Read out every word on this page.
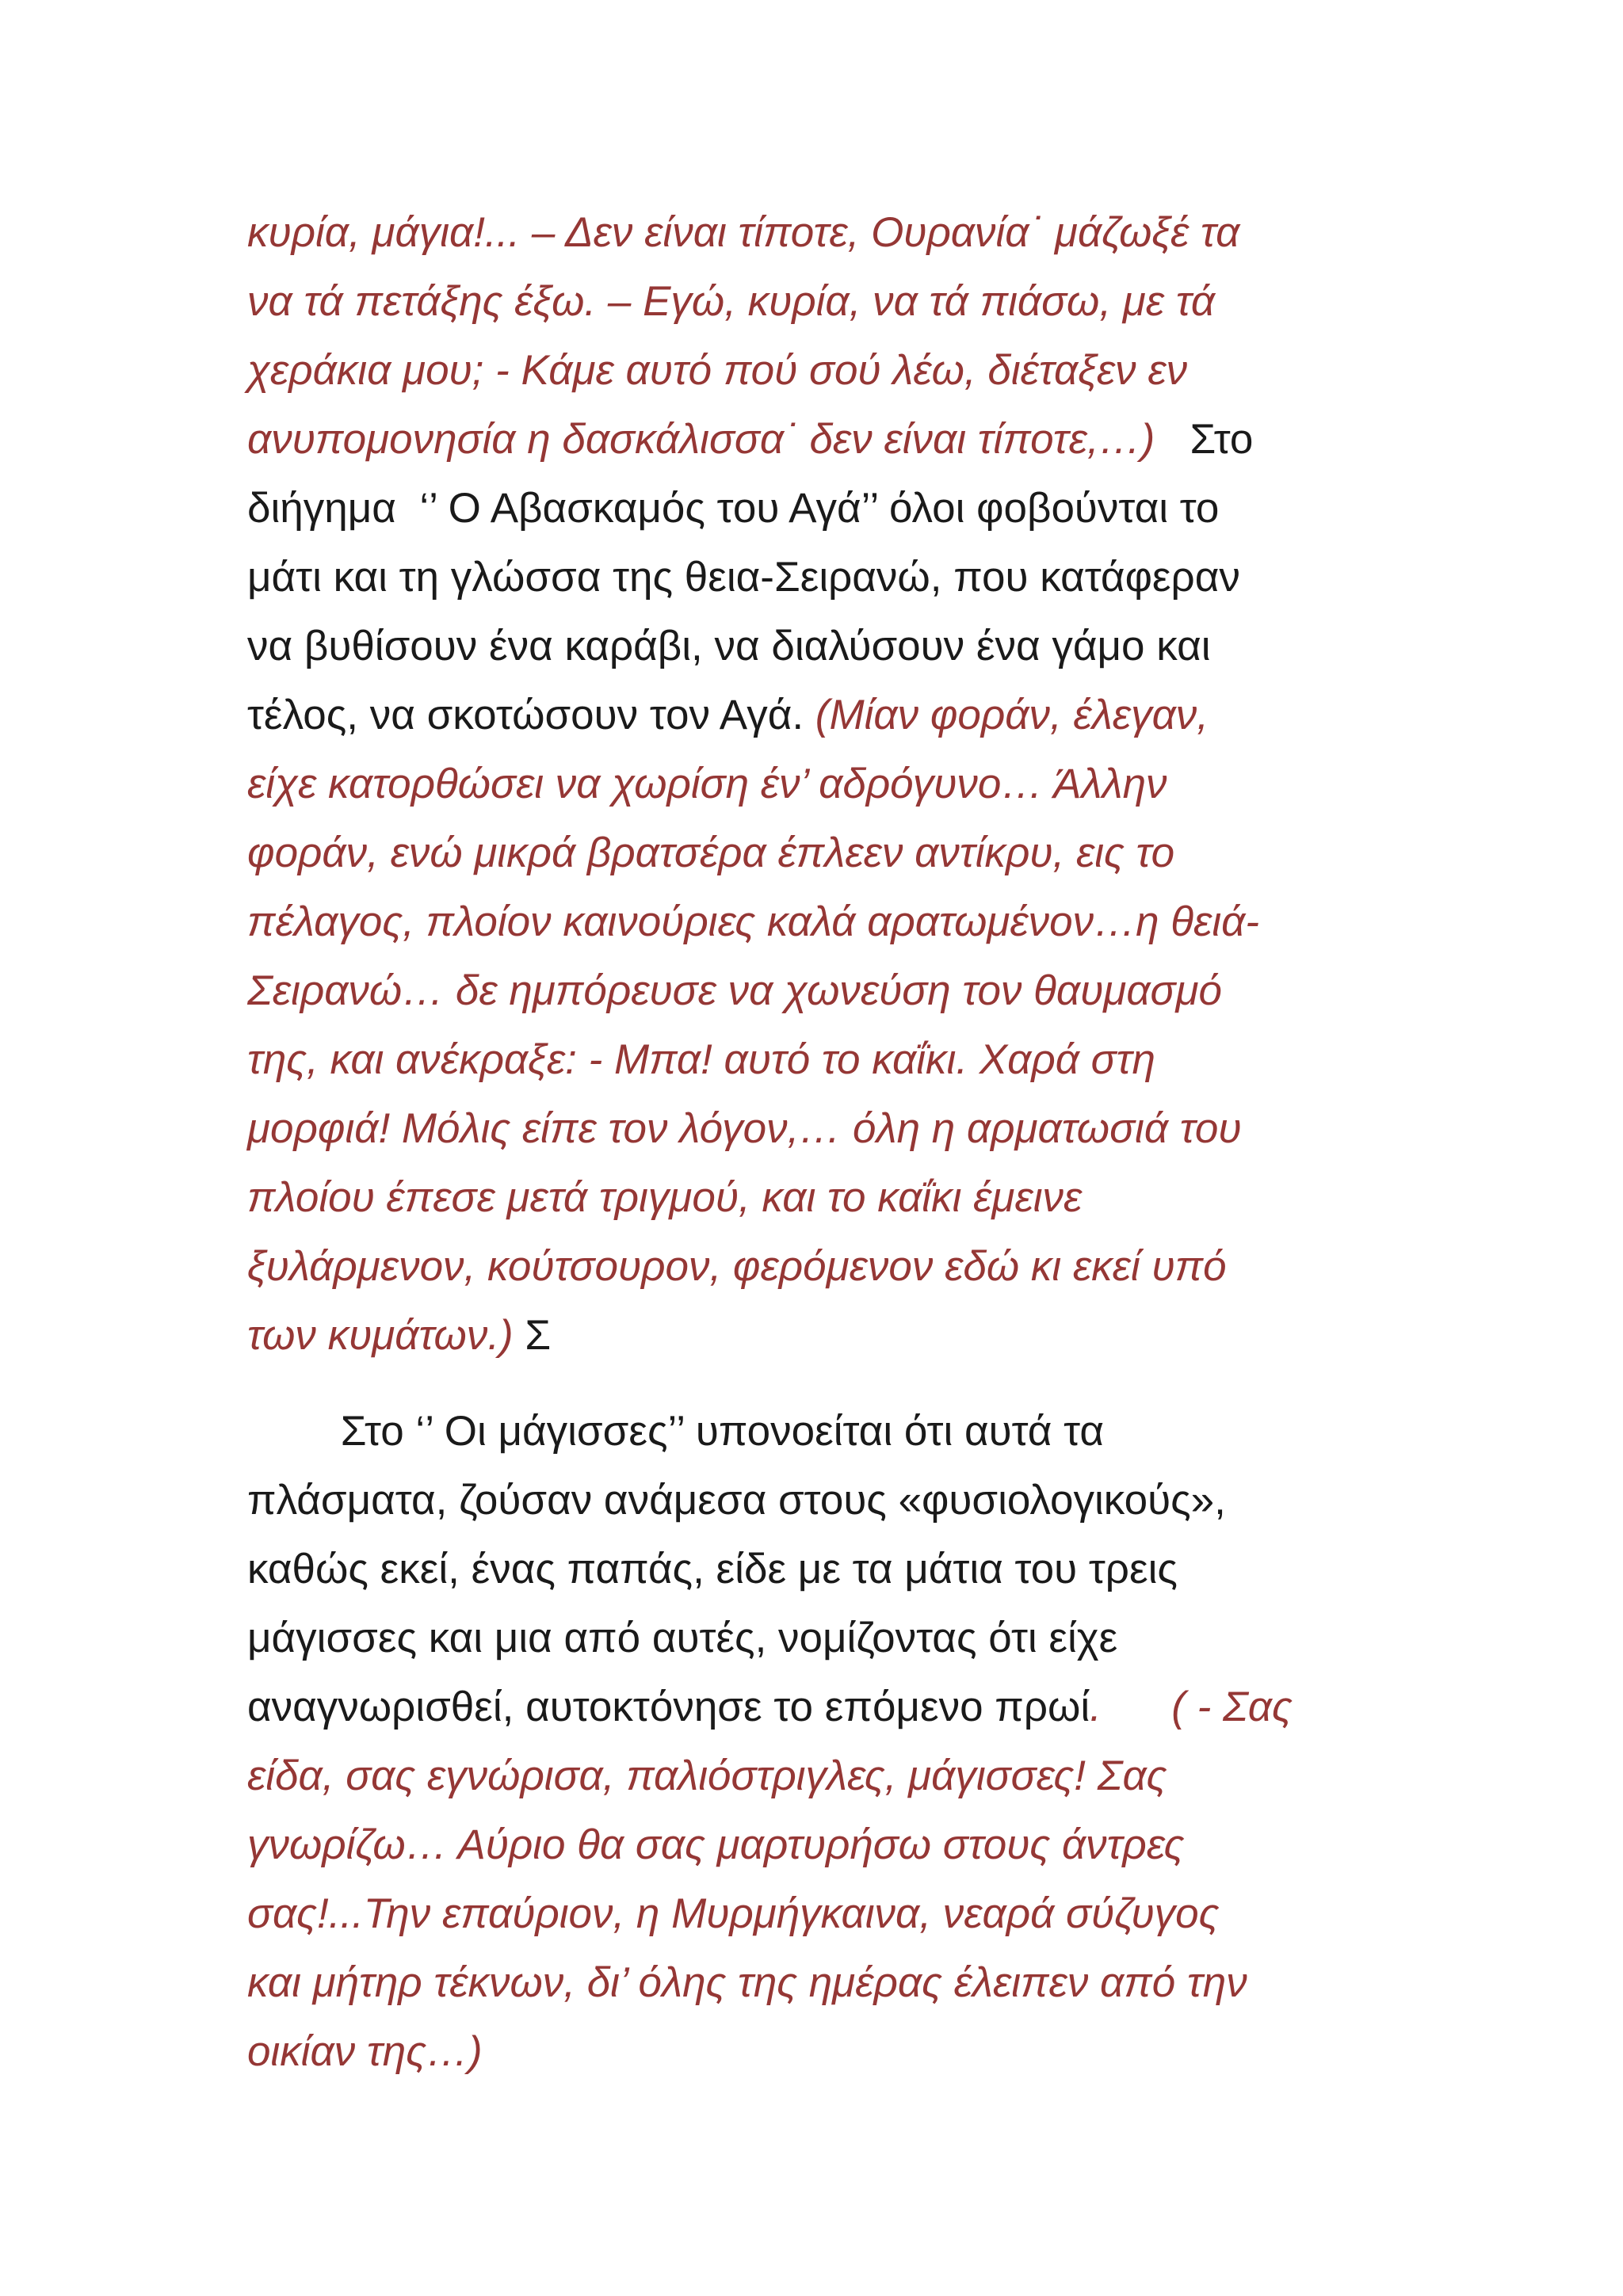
κυρία, μάγια!... – Δεν είναι τίποτε, Ουρανία˙ μάζωξέ τα
να τά πετάξης έξω. – Εγώ, κυρία, να τά πιάσω, με τά
χεράκια μου; - Κάμε αυτό πού σού λέω, διέταξεν εν
ανυπομονησία η δασκάλισσα˙ δεν είναι τίποτε,…)   Στο
διήγημα  ‘’ Ο Αβασκαμός του Αγά’’ όλοι φοβούνται το
μάτι και τη γλώσσα της θεια-Σειρανώ, που κατάφεραν
να βυθίσουν ένα καράβι, να διαλύσουν ένα γάμο και
τέλος, να σκοτώσουν τον Αγά. (Μίαν φοράν, έλεγαν,
είχε κατορθώσει να χωρίση έν’ αδρόγυνο… Άλλην
φοράν, ενώ μικρά βρατσέρα έπλεεν αντίκρυ, εις το
πέλαγος, πλοίον καινούριες καλά αρατωμένον…η θειά-
Σειρανώ… δε ημπόρευσε να χωνεύση τον θαυμασμό
της, και ανέκραξε: - Μπα! αυτό το καΐκι. Χαρά στη
μορφιά! Μόλις είπε τον λόγον,… όλη η αρματωσιά του
πλοίου έπεσε μετά τριγμού, και το καΐκι έμεινε
ξυλάρμενον, κούτσουρον, φερόμενον εδώ κι εκεί υπό
των κυμάτων.) Σ
Στο ‘’ Οι μάγισσες’’ υπονοείται ότι αυτά τα
πλάσματα, ζούσαν ανάμεσα στους «φυσιολογικούς»,
καθώς εκεί, ένας παπάς, είδε με τα μάτια του τρεις
μάγισσες και μια από αυτές, νομίζοντας ότι είχε
αναγνωρισθεί, αυτοκτόνησε το επόμενο πρωί.      ( - Σας
είδα, σας εγνώρισα, παλιόστριγλες, μάγισσες! Σας
γνωρίζω… Αύριο θα σας μαρτυρήσω στους άντρες
σας!...Την επαύριον, η Μυρμήγκαινα, νεαρά σύζυγος
και μήτηρ τέκνων, δι’ όλης της ημέρας έλειπεν από την
οικίαν της…)
